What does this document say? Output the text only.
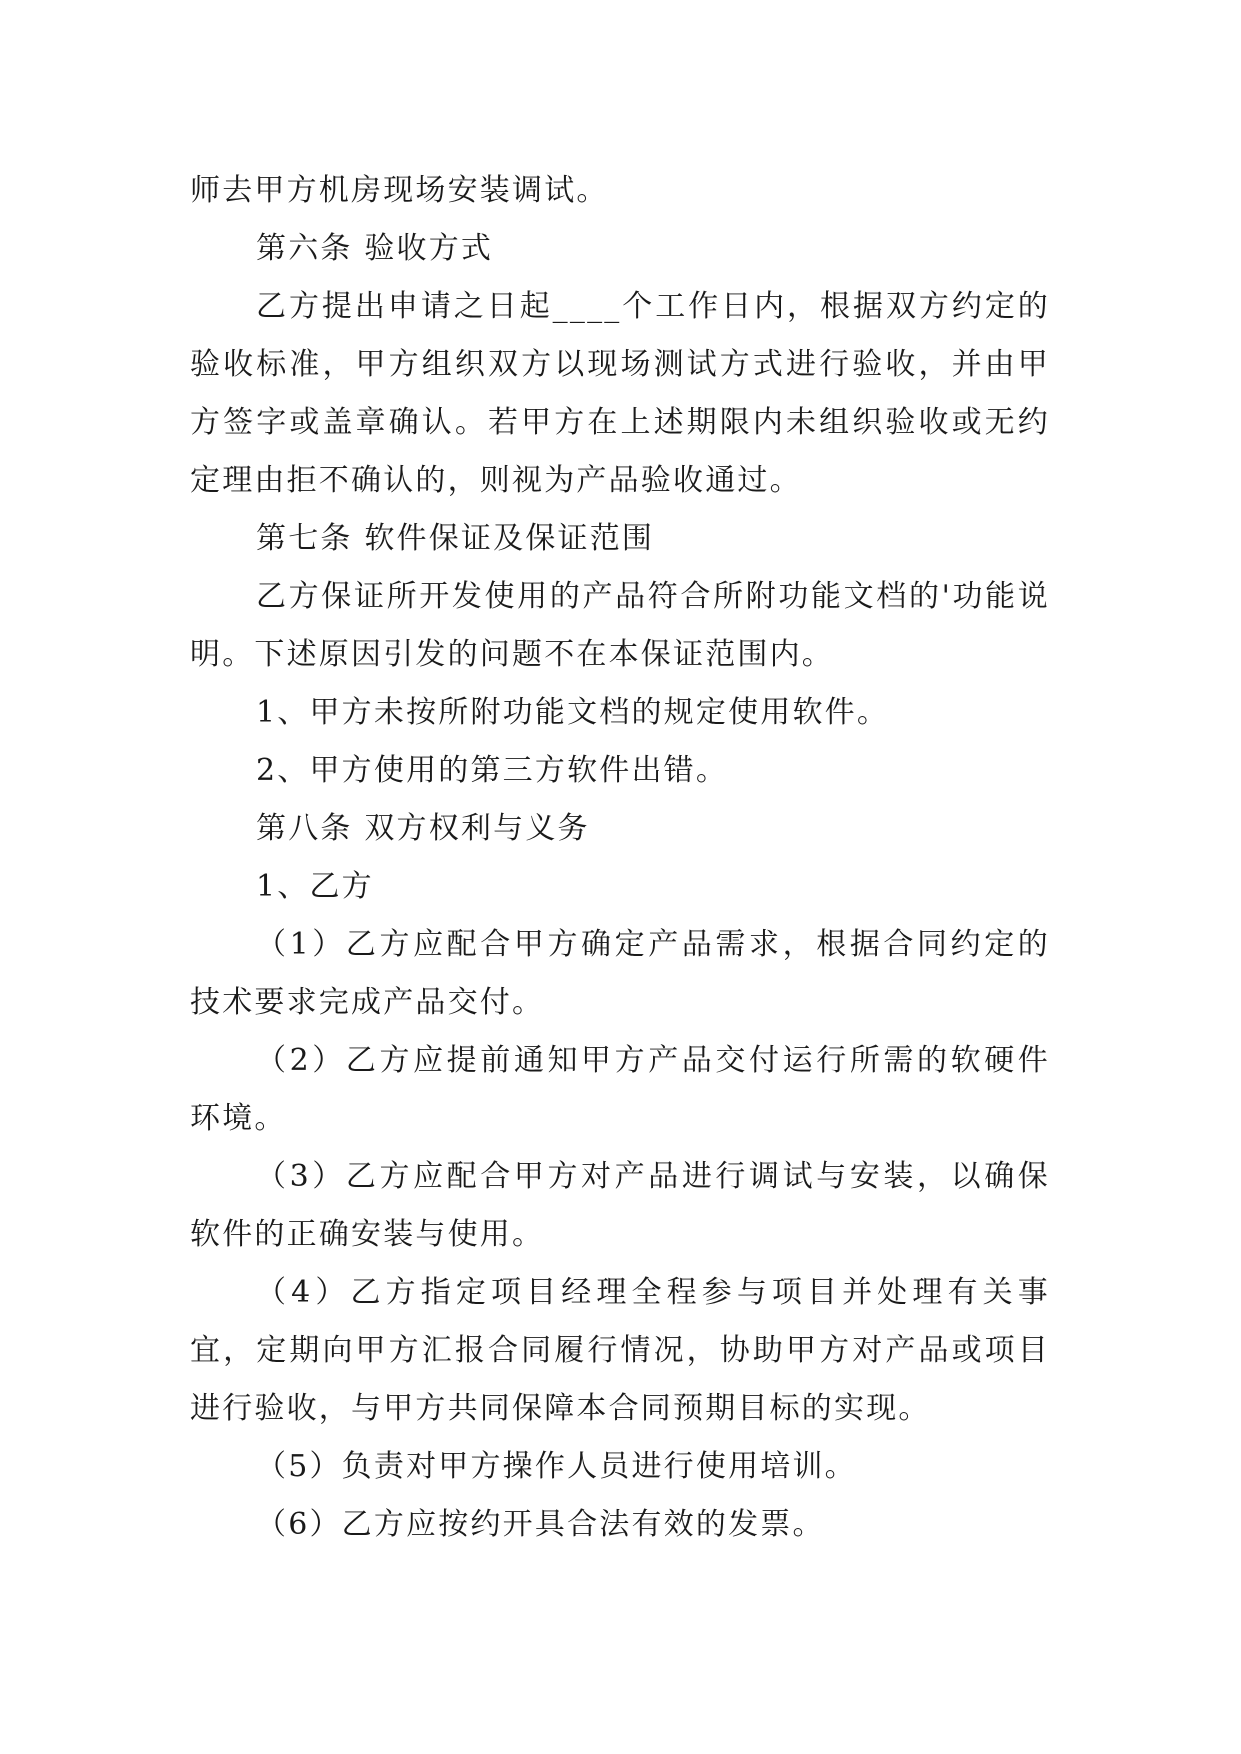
师去甲方机房现场安装调试。

第六条 验收方式

乙方提出申请之日起____个工作日内，根据双方约定的验收标准，甲方组织双方以现场测试方式进行验收，并由甲方签字或盖章确认。若甲方在上述期限内未组织验收或无约定理由拒不确认的，则视为产品验收通过。

第七条 软件保证及保证范围

乙方保证所开发使用的产品符合所附功能文档的'功能说明。下述原因引发的问题不在本保证范围内。

1、甲方未按所附功能文档的规定使用软件。

2、甲方使用的第三方软件出错。

第八条 双方权利与义务

1、乙方

（1）乙方应配合甲方确定产品需求，根据合同约定的技术要求完成产品交付。

（2）乙方应提前通知甲方产品交付运行所需的软硬件环境。

（3）乙方应配合甲方对产品进行调试与安装，以确保软件的正确安装与使用。

（4）乙方指定项目经理全程参与项目并处理有关事宜，定期向甲方汇报合同履行情况，协助甲方对产品或项目进行验收，与甲方共同保障本合同预期目标的实现。

（5）负责对甲方操作人员进行使用培训。

（6）乙方应按约开具合法有效的发票。
